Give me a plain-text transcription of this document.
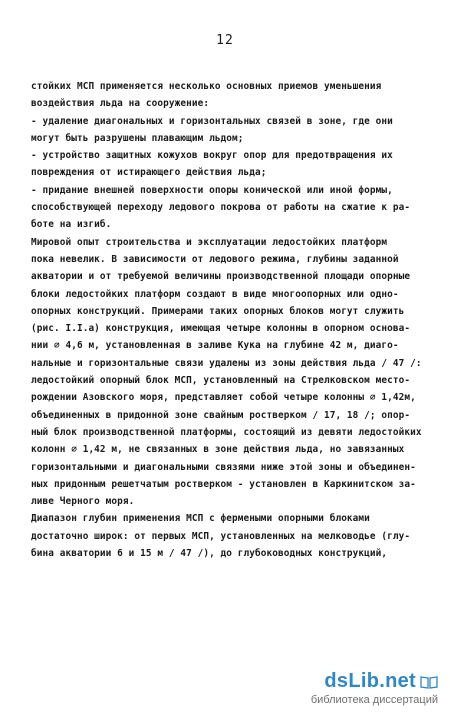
12
стойких МСП применяется несколько основных приемов уменьшения
воздействия льда на сооружение:
- удаление диагональных и горизонтальных связей в зоне, где они
могут быть разрушены плавающим льдом;
- устройство защитных кожухов вокруг опор для предотвращения их
повреждения от истирающего действия льда;
- придание внешней поверхности опоры конической или иной формы,
способствующей переходу ледового покрова от работы на сжатие к ра-
боте на изгиб.
Мировой опыт строительства и эксплуатации ледостойких платформ
пока невелик. В зависимости от ледового режима, глубины заданной
акватории и от требуемой величины производственной площади опорные
блоки ледостойких платформ создают в виде многоопорных или одно-
опорных конструкций. Примерами таких опорных блоков могут служить
(рис. I.I.a) конструкция, имеющая четыре колонны в опорном основа-
нии ∅ 4,6 м, установленная в заливе Кука на глубине 42 м, диаго-
нальные и горизонтальные связи удалены из зоны действия льда / 47 /:
ледостойкий опорный блок МСП, установленный на Стрелковском место-
рождении Азовского моря, представляет собой четыре колонны ∅ 1,42м,
объединенных в придонной зоне свайным ростверком / 17, 18 /; опор-
ный блок производственной платформы, состоящий из девяти ледостойких
колонн ∅ 1,42 м, не связанных в зоне действия льда, но завязанных
горизонтальными и диагональными связями ниже этой зоны и объединен-
ных придонным решетчатым ростверком - установлен в Каркинитском за-
ливе Черного моря.
Диапазон глубин применения МСП с фермеными опорными блоками
достаточно широк: от первых МСП, установленных на мелководье (глу-
бина акватории 6 и 15 м / 47 /), до глубоководных конструкций,
dsLib.net
библиотека диссертаций
